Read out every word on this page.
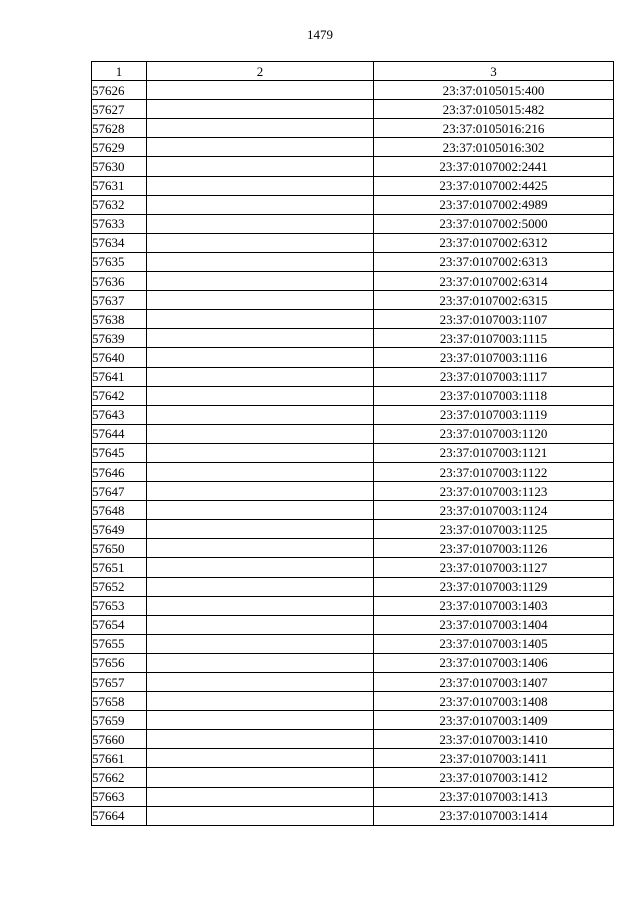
1479
1	2	3
57626		23:37:0105015:400
57627		23:37:0105015:482
57628		23:37:0105016:216
57629		23:37:0105016:302
57630		23:37:0107002:2441
57631		23:37:0107002:4425
57632		23:37:0107002:4989
57633		23:37:0107002:5000
57634		23:37:0107002:6312
57635		23:37:0107002:6313
57636		23:37:0107002:6314
57637		23:37:0107002:6315
57638		23:37:0107003:1107
57639		23:37:0107003:1115
57640		23:37:0107003:1116
57641		23:37:0107003:1117
57642		23:37:0107003:1118
57643		23:37:0107003:1119
57644		23:37:0107003:1120
57645		23:37:0107003:1121
57646		23:37:0107003:1122
57647		23:37:0107003:1123
57648		23:37:0107003:1124
57649		23:37:0107003:1125
57650		23:37:0107003:1126
57651		23:37:0107003:1127
57652		23:37:0107003:1129
57653		23:37:0107003:1403
57654		23:37:0107003:1404
57655		23:37:0107003:1405
57656		23:37:0107003:1406
57657		23:37:0107003:1407
57658		23:37:0107003:1408
57659		23:37:0107003:1409
57660		23:37:0107003:1410
57661		23:37:0107003:1411
57662		23:37:0107003:1412
57663		23:37:0107003:1413
57664		23:37:0107003:1414
